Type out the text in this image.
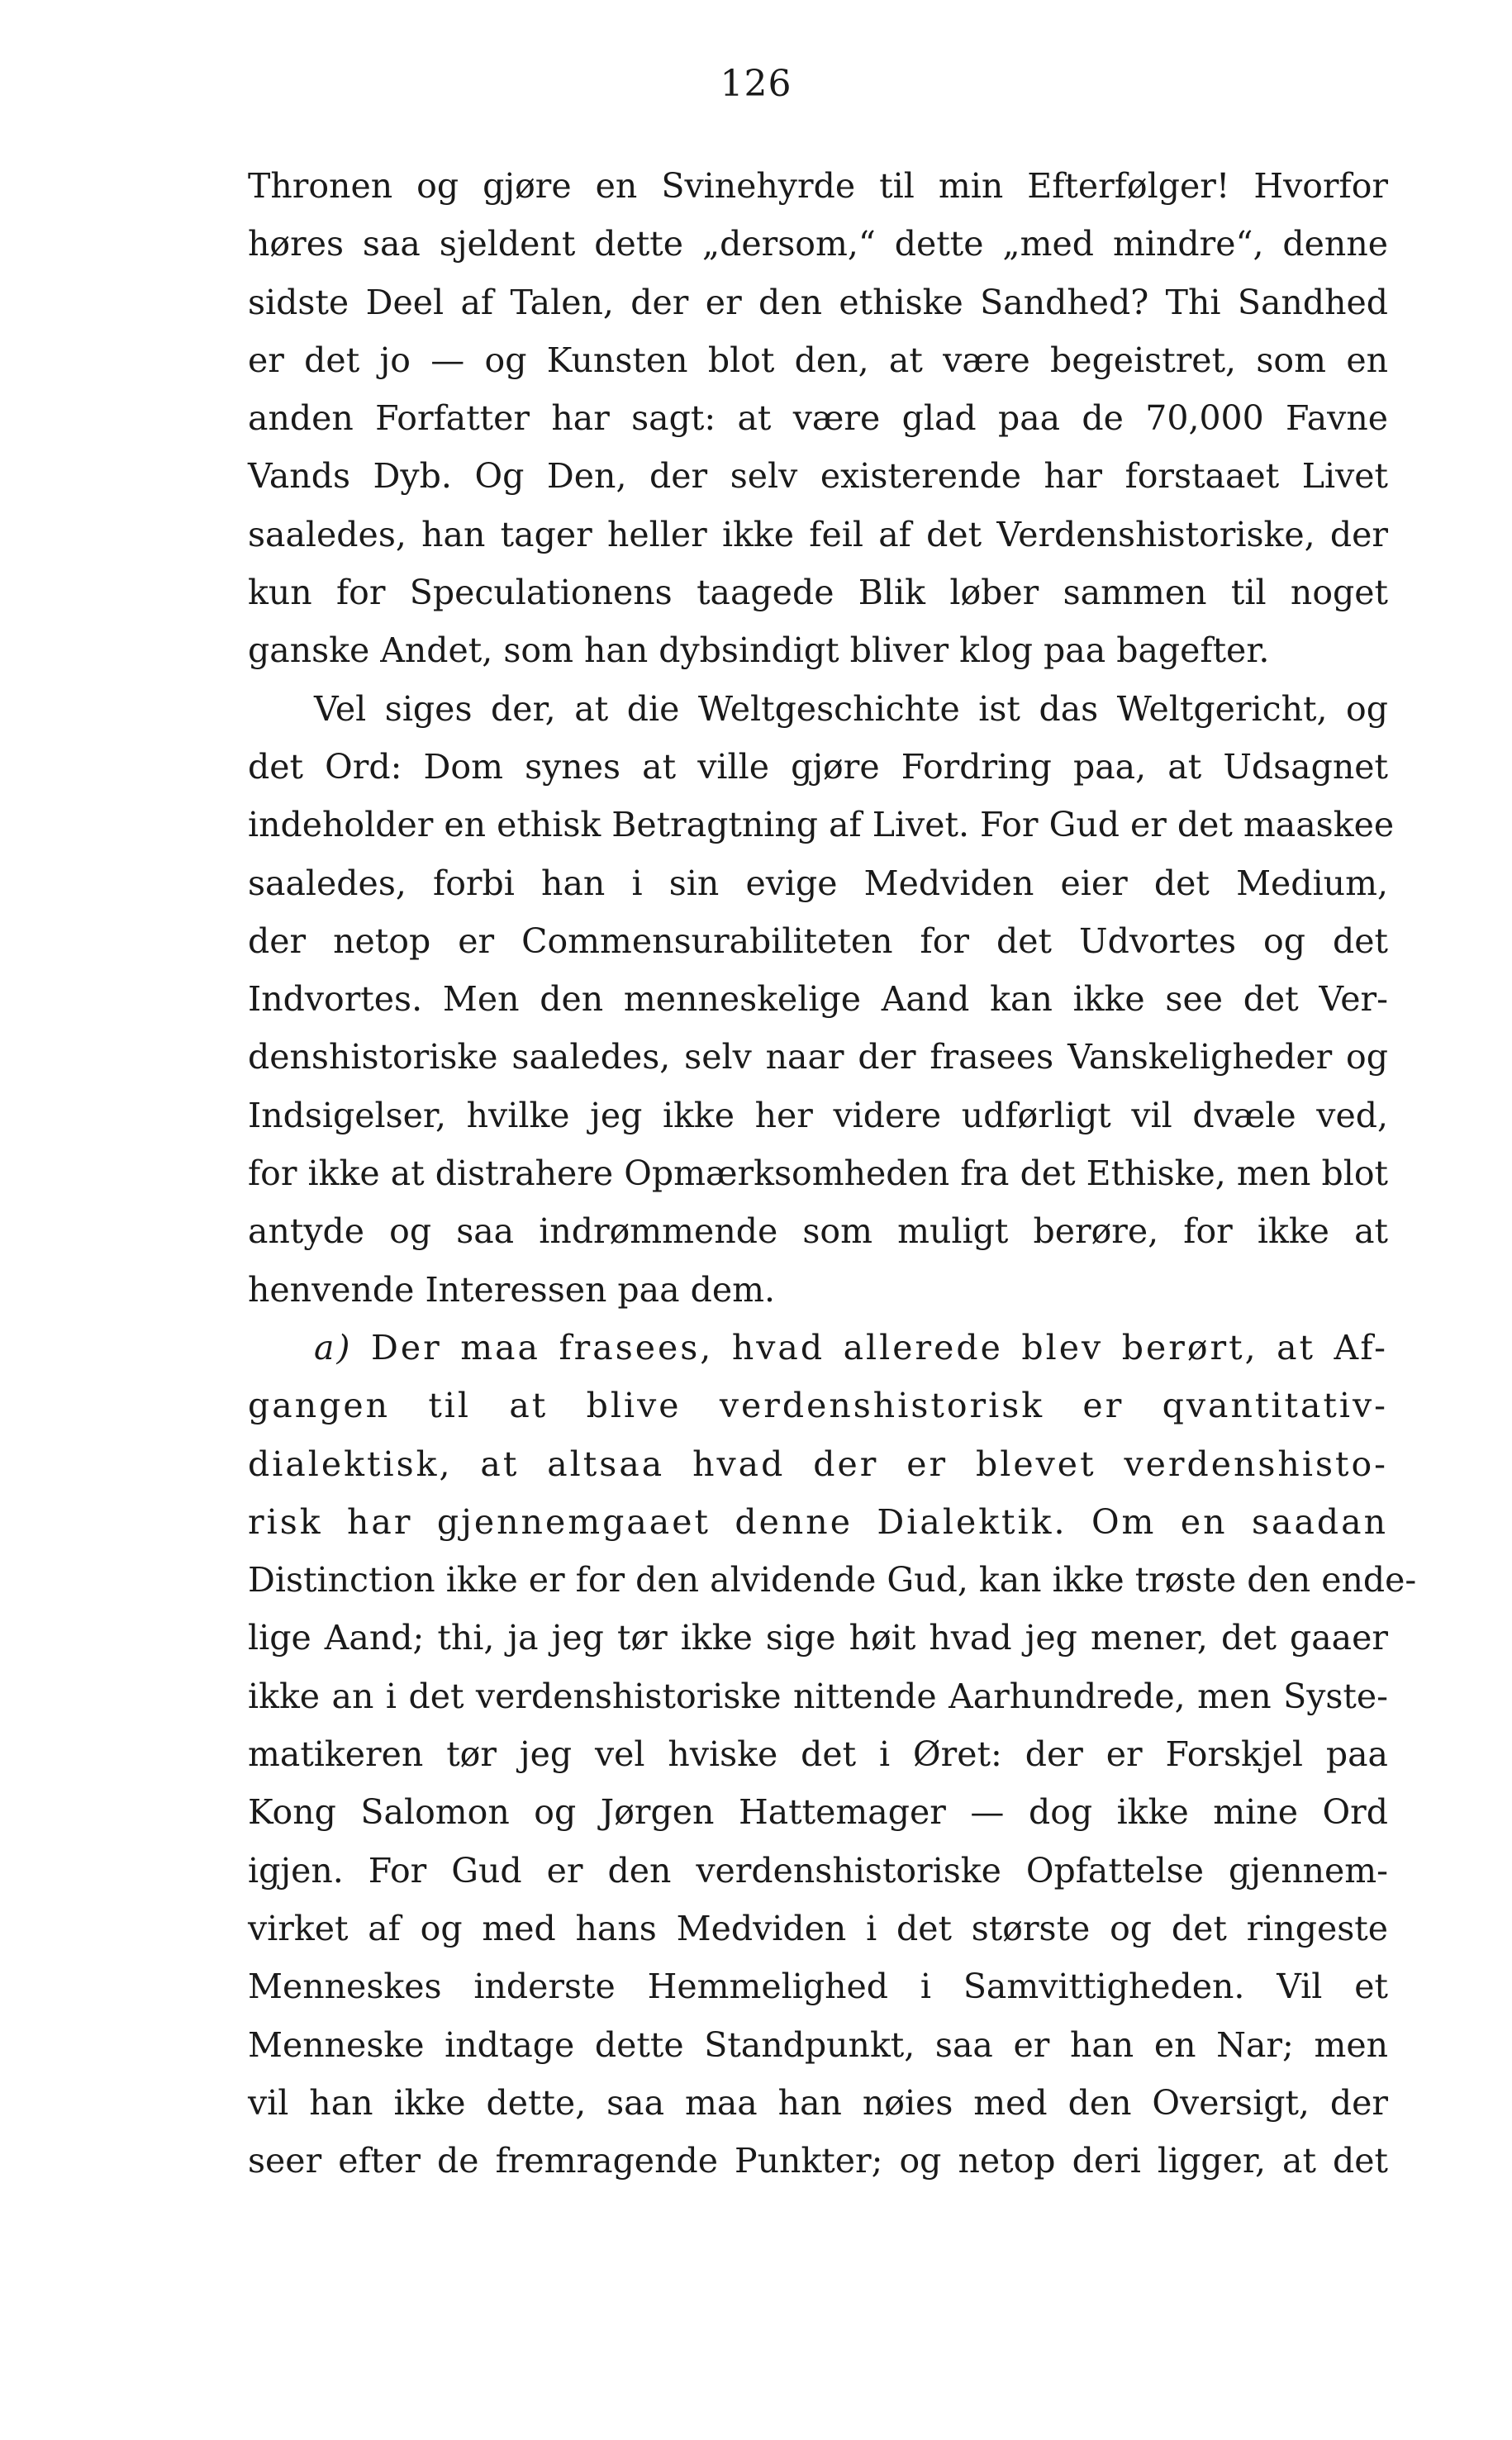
126
Thronen og gjøre en Svinehyrde til min Efterfølger! Hvorfor
høres saa sjeldent dette „dersom,“ dette „med mindre“, denne
sidste Deel af Talen, der er den ethiske Sandhed? Thi Sandhed
er det jo — og Kunsten blot den, at være begeistret, som en
anden Forfatter har sagt: at være glad paa de 70,000 Favne
Vands Dyb. Og Den, der selv existerende har forstaaet Livet
saaledes, han tager heller ikke feil af det Verdenshistoriske, der
kun for Speculationens taagede Blik løber sammen til noget
ganske Andet, som han dybsindigt bliver klog paa bagefter.
Vel siges der, at die Weltgeschichte ist das Weltgericht, og
det Ord: Dom synes at ville gjøre Fordring paa, at Udsagnet
indeholder en ethisk Betragtning af Livet. For Gud er det maaskee
saaledes, forbi han i sin evige Medviden eier det Medium,
der netop er Commensurabiliteten for det Udvortes og det
Indvortes. Men den menneskelige Aand kan ikke see det Ver-
denshistoriske saaledes, selv naar der frasees Vanskeligheder og
Indsigelser, hvilke jeg ikke her videre udførligt vil dvæle ved,
for ikke at distrahere Opmærksomheden fra det Ethiske, men blot
antyde og saa indrømmende som muligt berøre, for ikke at
henvende Interessen paa dem.
a) Der maa frasees, hvad allerede blev berørt, at Af-
gangen til at blive verdenshistorisk er qvantitativ-
dialektisk, at altsaa hvad der er blevet verdenshisto-
risk har gjennemgaaet denne Dialektik. Om en saadan
Distinction ikke er for den alvidende Gud, kan ikke trøste den ende-
lige Aand; thi, ja jeg tør ikke sige høit hvad jeg mener, det gaaer
ikke an i det verdenshistoriske nittende Aarhundrede, men Syste-
matikeren tør jeg vel hviske det i Øret: der er Forskjel paa
Kong Salomon og Jørgen Hattemager — dog ikke mine Ord
igjen. For Gud er den verdenshistoriske Opfattelse gjennem-
virket af og med hans Medviden i det største og det ringeste
Menneskes inderste Hemmelighed i Samvittigheden. Vil et
Menneske indtage dette Standpunkt, saa er han en Nar; men
vil han ikke dette, saa maa han nøies med den Oversigt, der
seer efter de fremragende Punkter; og netop deri ligger, at det
